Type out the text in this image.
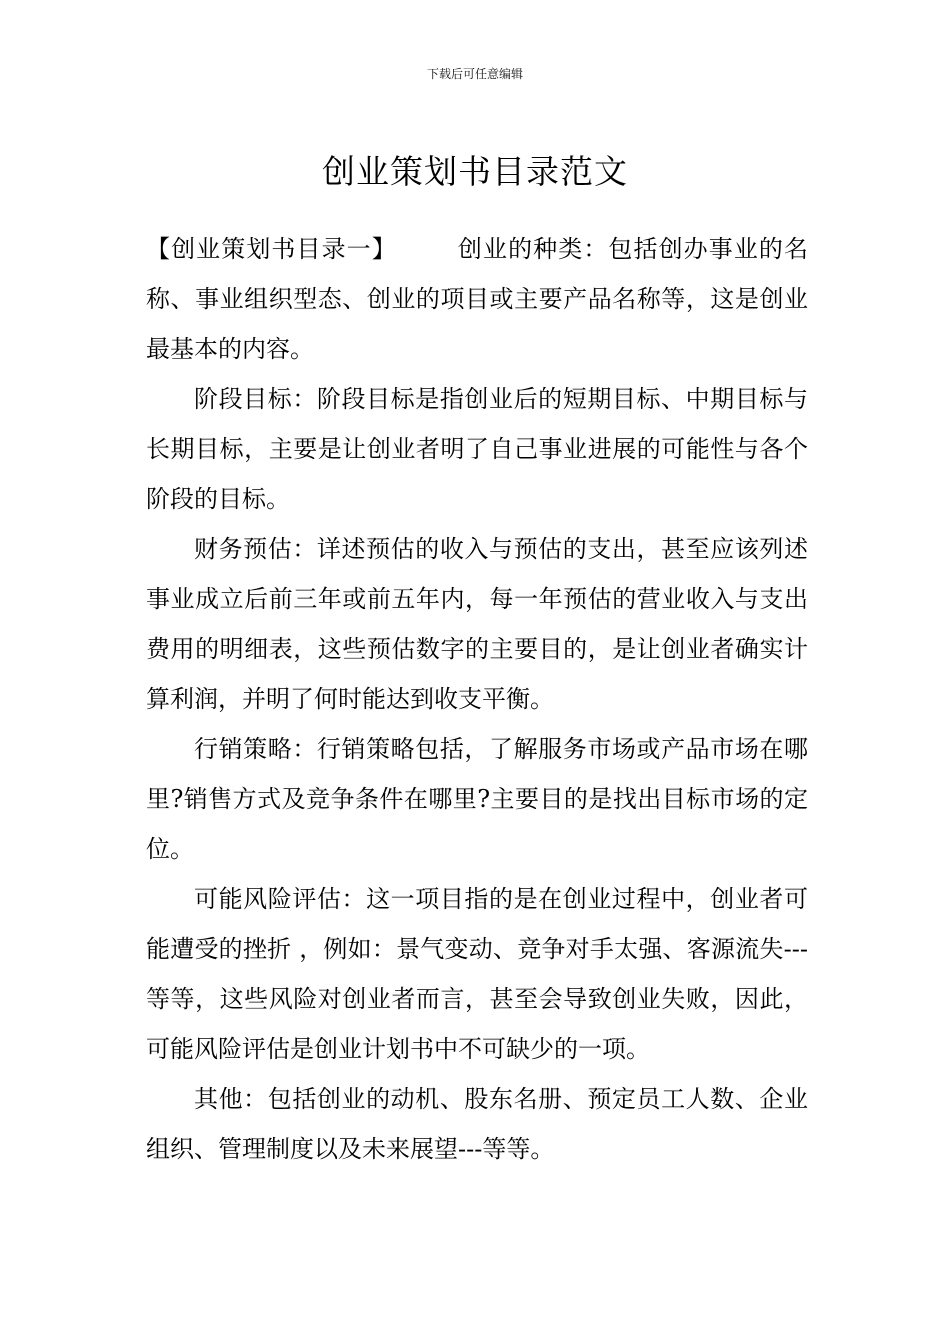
下载后可任意编辑
创业策划书目录范文

【创业策划书目录一】	创业的种类：包括创办事业的名称、事业组织型态、创业的项目或主要产品名称等，这是创业最基本的内容。

阶段目标：阶段目标是指创业后的短期目标、中期目标与长期目标，主要是让创业者明了自己事业进展的可能性与各个阶段的目标。

财务预估：详述预估的收入与预估的支出，甚至应该列述事业成立后前三年或前五年内，每一年预估的营业收入与支出费用的明细表，这些预估数字的主要目的，是让创业者确实计算利润，并明了何时能达到收支平衡。

行销策略：行销策略包括，了解服务市场或产品市场在哪里?销售方式及竞争条件在哪里?主要目的是找出目标市场的定位。

可能风险评估：这一项目指的是在创业过程中，创业者可能遭受的挫折 ，例如：景气变动、竞争对手太强、客源流失---等等，这些风险对创业者而言，甚至会导致创业失败，因此，可能风险评估是创业计划书中不可缺少的一项。

其他：包括创业的动机、股东名册、预定员工人数、企业组织、管理制度以及未来展望---等等。
